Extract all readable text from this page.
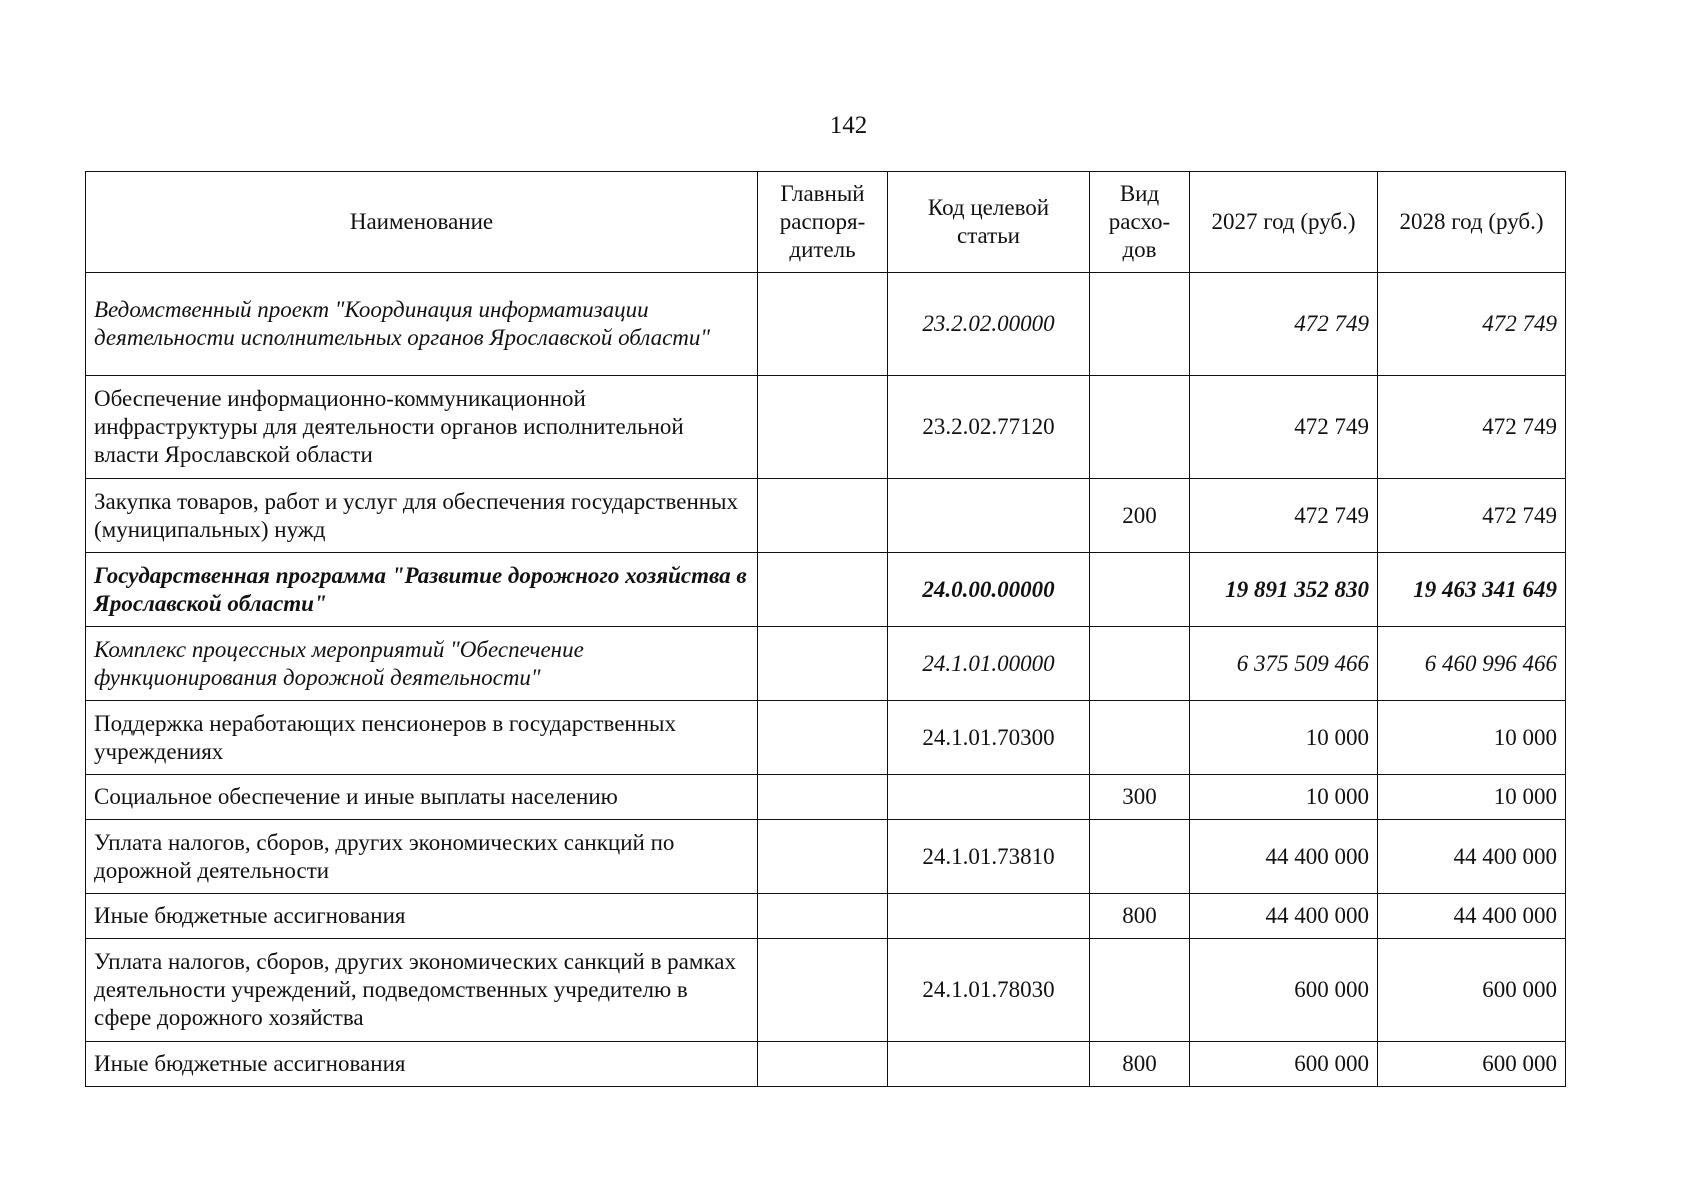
142
Наименование	Главный распоря-дитель	Код целевой статьи	Вид расхо-дов	2027 год (руб.)	2028 год (руб.)
Ведомственный проект "Координация информатизации деятельности исполнительных органов Ярославской области"		23.2.02.00000		472 749	472 749
Обеспечение информационно-коммуникационной инфраструктуры для деятельности органов исполнительной власти Ярославской области		23.2.02.77120		472 749	472 749
Закупка товаров, работ и услуг для обеспечения государственных (муниципальных) нужд			200	472 749	472 749
Государственная программа "Развитие дорожного хозяйства в Ярославской области"		24.0.00.00000		19 891 352 830	19 463 341 649
Комплекс процессных мероприятий "Обеспечение функционирования дорожной деятельности"		24.1.01.00000		6 375 509 466	6 460 996 466
Поддержка неработающих пенсионеров в государственных учреждениях		24.1.01.70300		10 000	10 000
Социальное обеспечение и иные выплаты населению			300	10 000	10 000
Уплата налогов, сборов, других экономических санкций по дорожной деятельности		24.1.01.73810		44 400 000	44 400 000
Иные бюджетные ассигнования			800	44 400 000	44 400 000
Уплата налогов, сборов, других экономических санкций в рамках деятельности учреждений, подведомственных учредителю в сфере дорожного хозяйства		24.1.01.78030		600 000	600 000
Иные бюджетные ассигнования			800	600 000	600 000
